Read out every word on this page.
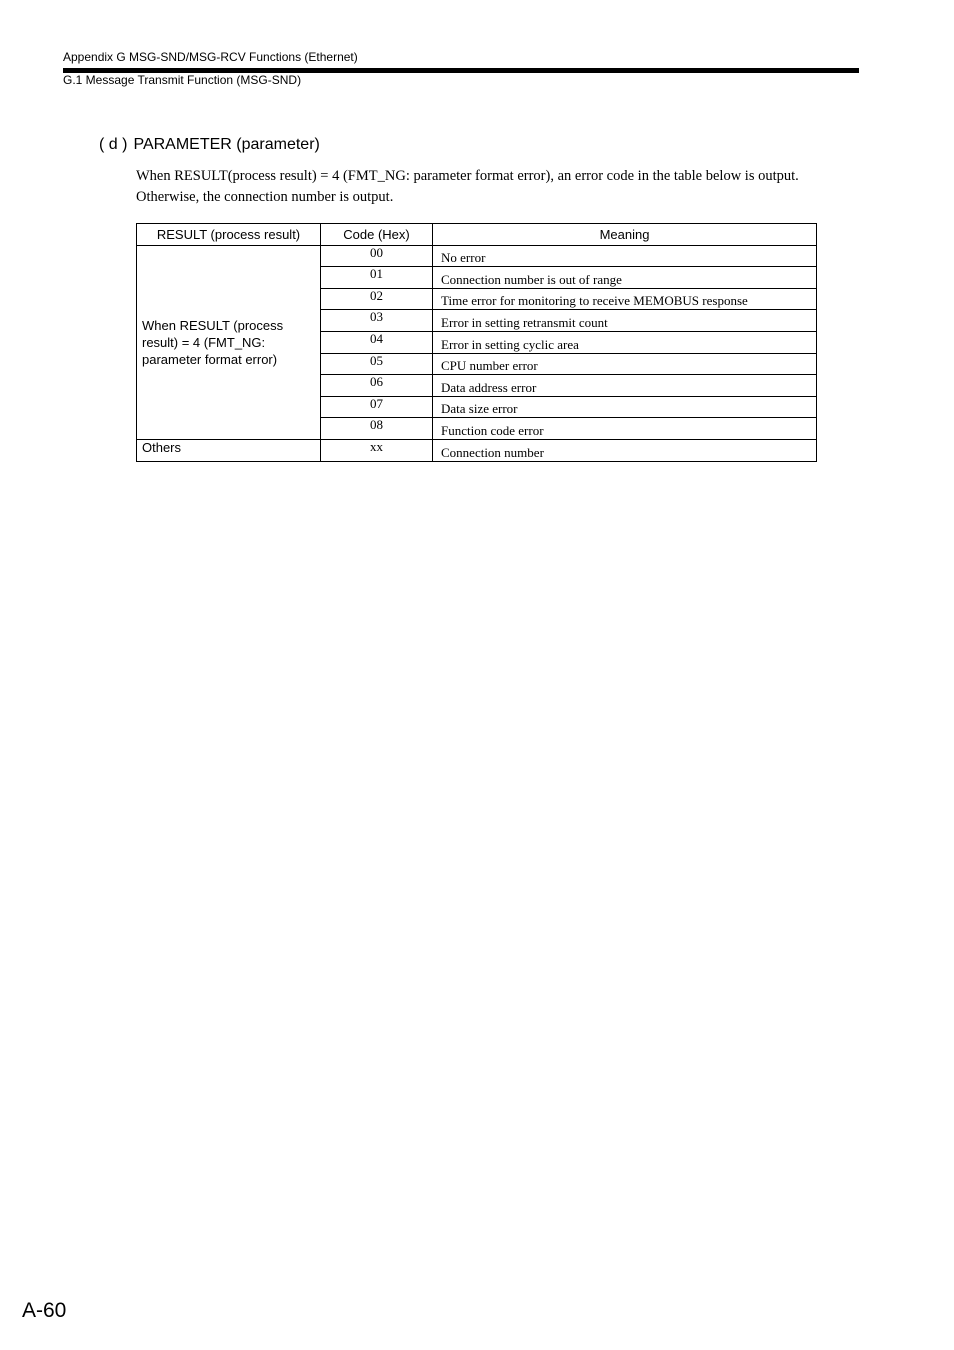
Appendix G MSG-SND/MSG-RCV Functions (Ethernet)
G.1 Message Transmit Function (MSG-SND)
( d ) PARAMETER (parameter)

When RESULT(process result) = 4 (FMT_NG: parameter format error), an error code in the table below is output.

Otherwise, the connection number is output.

RESULT (process result)	Code (Hex)	Meaning
When RESULT (process result) = 4 (FMT_NG: parameter format error)	00	No error
	01	Connection number is out of range
	02	Time error for monitoring to receive MEMOBUS response
	03	Error in setting retransmit count
	04	Error in setting cyclic area
	05	CPU number error
	06	Data address error
	07	Data size error
	08	Function code error
Others	xx	Connection number
A-60
